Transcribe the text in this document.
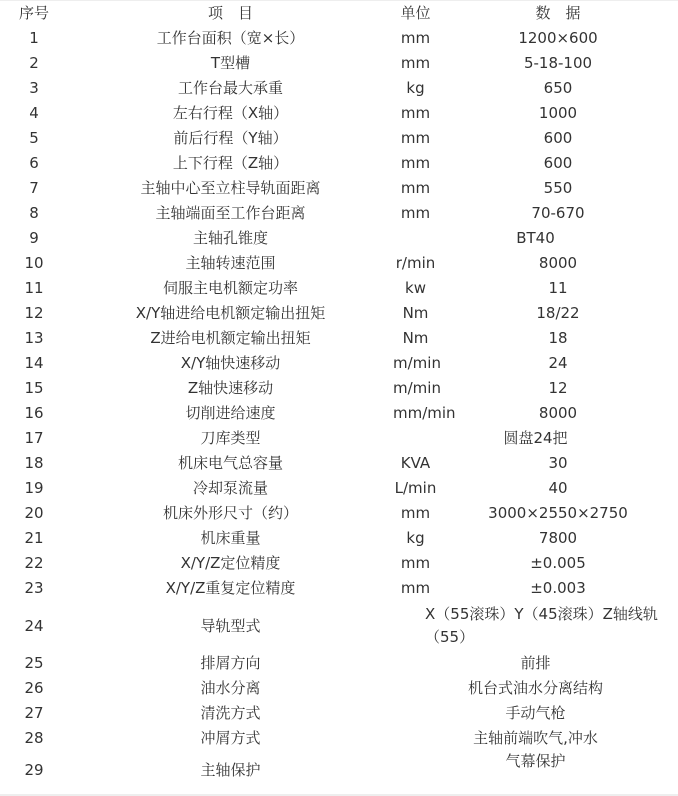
序号	项　目	单位	数　据
1	工作台面积（宽×长）	mm	1200×600
2	T型槽	mm	5-18-100
3	工作台最大承重	kg	650
4	左右行程（X轴）	mm	1000
5	前后行程（Y轴）	mm	600
6	上下行程（Z轴）	mm	600
7	主轴中心至立柱导轨面距离	mm	550
8	主轴端面至工作台距离	mm	70-670
9	主轴孔锥度	BT40	
10	主轴转速范围	r/min	8000
11	伺服主电机额定功率	kw	11
12	X/Y轴进给电机额定输出扭矩	Nm	18/22
13	Z进给电机额定输出扭矩	Nm	18
14	X/Y轴快速移动	m/min	24
15	Z轴快速移动	m/min	12
16	切削进给速度	mm/min	8000
17	刀库类型	圆盘24把	
18	机床电气总容量	KVA	30
19	冷却泵流量	L/min	40
20	机床外形尺寸（约）	mm	3000×2550×2750
21	机床重量	kg	7800
22	X/Y/Z定位精度	mm	±0.005
23	X/Y/Z重复定位精度	mm	±0.003
24	导轨型式	X（55滚珠）Y（45滚珠）Z轴线轨（55）	
25	排屑方向	前排	
26	油水分离	机台式油水分离结构	
27	清洗方式	手动气枪	
28	冲屑方式	主轴前端吹气,冲水	
29	主轴保护	气幕保护	
